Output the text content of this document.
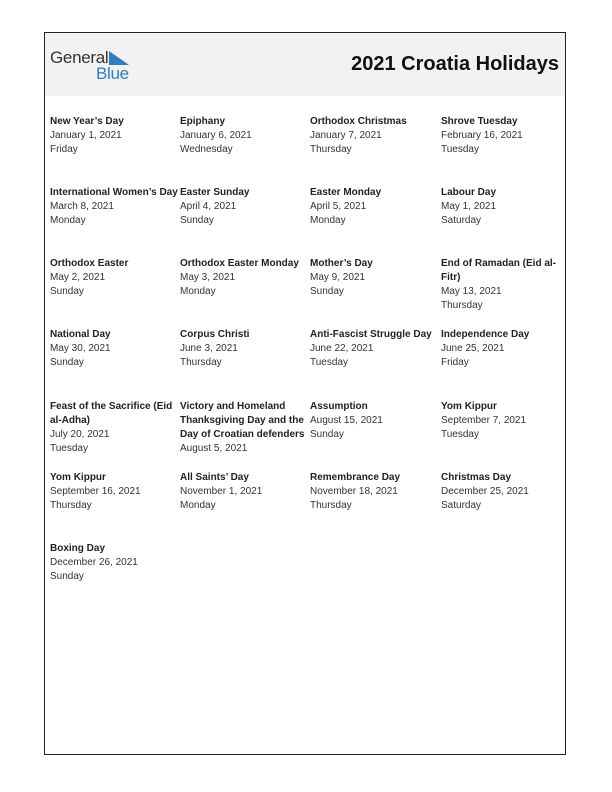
General
Blue	2021 Croatia Holidays
New Year’s Day
January 1, 2021
Friday
Epiphany
January 6, 2021
Wednesday
Orthodox Christmas
January 7, 2021
Thursday
Shrove Tuesday
February 16, 2021
Tuesday
International Women’s Day
March 8, 2021
Monday
Easter Sunday
April 4, 2021
Sunday
Easter Monday
April 5, 2021
Monday
Labour Day
May 1, 2021
Saturday
Orthodox Easter
May 2, 2021
Sunday
Orthodox Easter Monday
May 3, 2021
Monday
Mother’s Day
May 9, 2021
Sunday
End of Ramadan (Eid al-Fitr)
May 13, 2021
Thursday
National Day
May 30, 2021
Sunday
Corpus Christi
June 3, 2021
Thursday
Anti-Fascist Struggle Day
June 22, 2021
Tuesday
Independence Day
June 25, 2021
Friday
Feast of the Sacrifice (Eid al-Adha)
July 20, 2021
Tuesday
Victory and Homeland Thanksgiving Day and the Day of Croatian defenders
August 5, 2021
Assumption
August 15, 2021
Sunday
Yom Kippur
September 7, 2021
Tuesday
Yom Kippur
September 16, 2021
Thursday
All Saints’ Day
November 1, 2021
Monday
Remembrance Day
November 18, 2021
Thursday
Christmas Day
December 25, 2021
Saturday
Boxing Day
December 26, 2021
Sunday
